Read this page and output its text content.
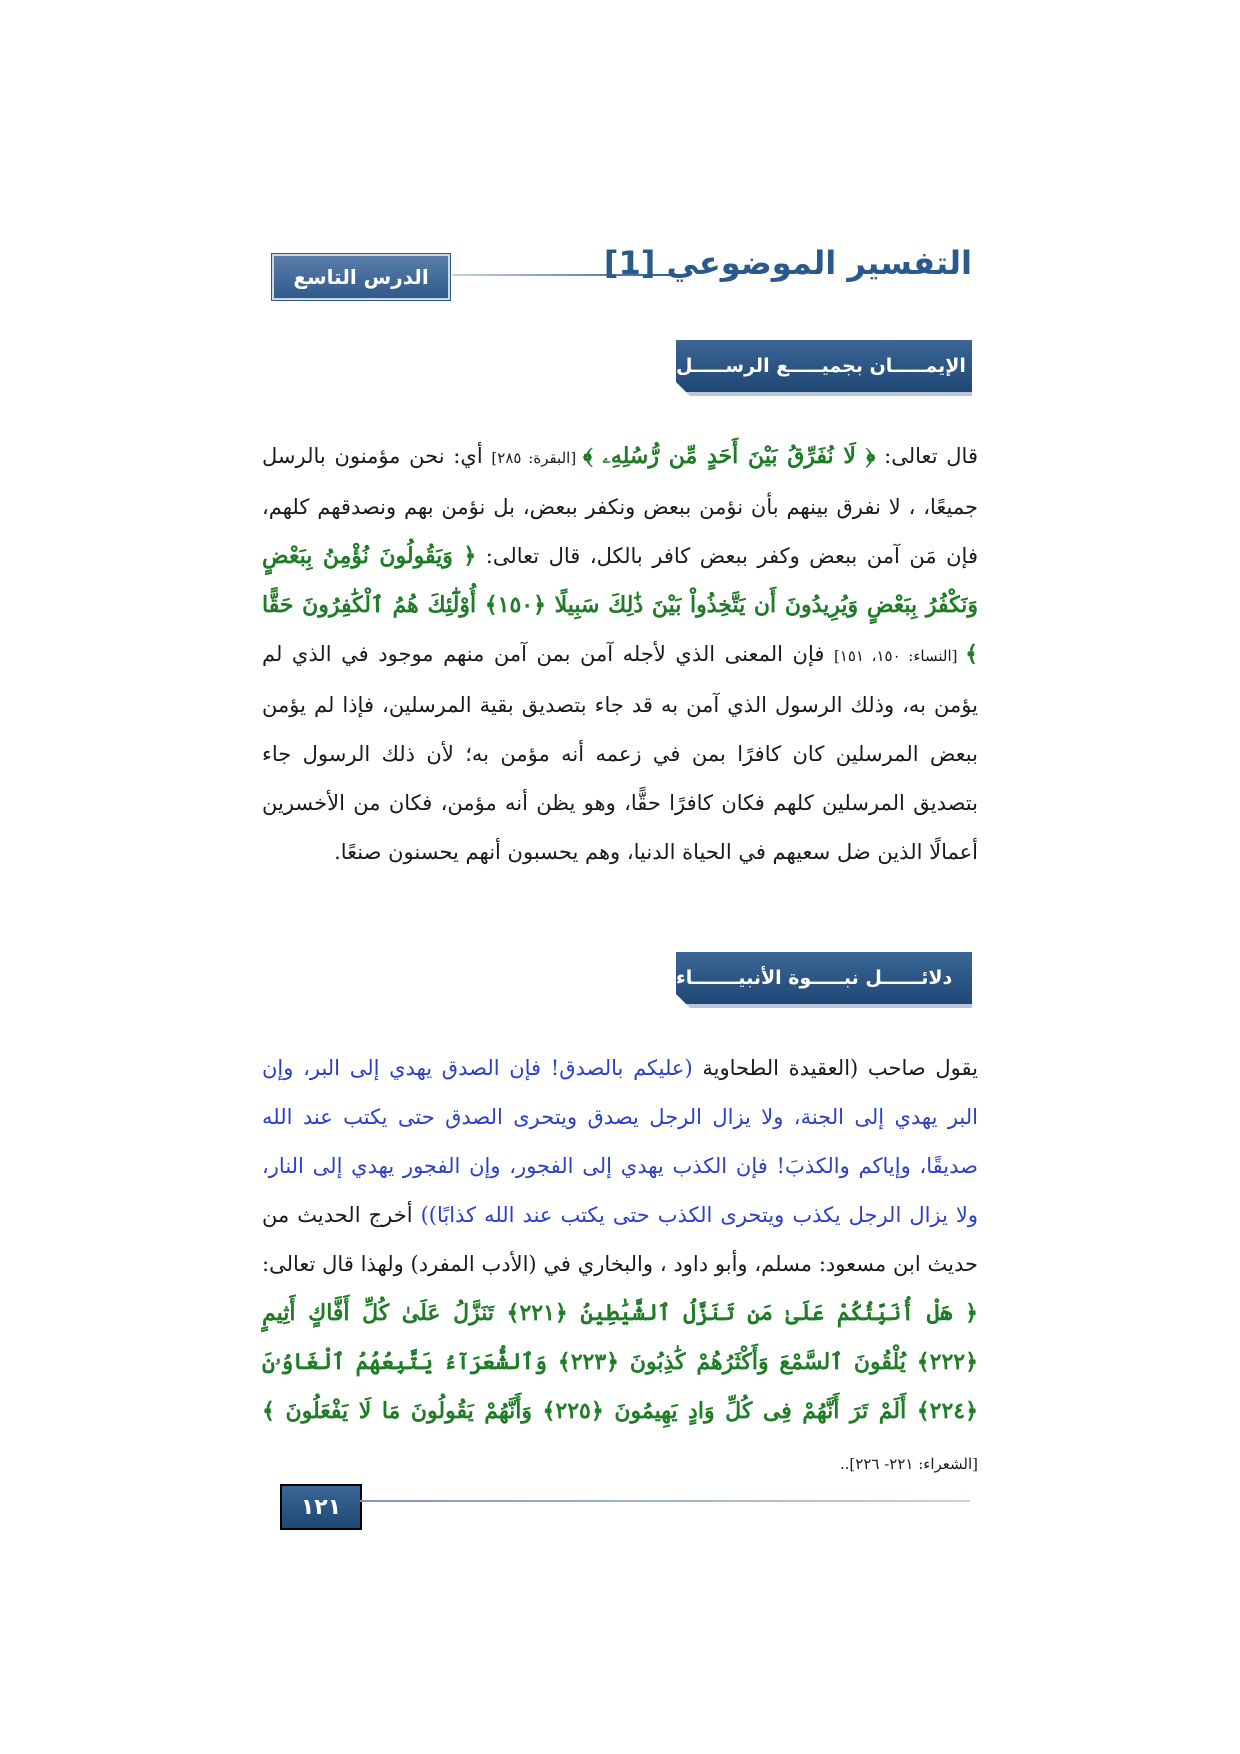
الدرس التاسع	التفسير الموضوعي [1]
الإيمـــــان بجميـــــع الرســـــل
قال تعالى: ﴿ لَا نُفَرِّقُ بَيْنَ أَحَدٍ مِّن رُّسُلِهِۦ ﴾ [البقرة: ٢٨٥] أي: نحن مؤمنون بالرسل جميعًا، ، لا نفرق بينهم بأن نؤمن ببعض ونكفر ببعض، بل نؤمن بهم ونصدقهم كلهم، فإن مَن آمن ببعض وكفر ببعض كافر بالكل، قال تعالى: ﴿ وَيَقُولُونَ نُؤْمِنُ بِبَعْضٍ وَنَكْفُرُ بِبَعْضٍ وَيُرِيدُونَ أَن يَتَّخِذُواْ بَيْنَ ذَٰلِكَ سَبِيلًا ﴿١٥٠﴾ أُوْلَٰٓئِكَ هُمُ ٱلْكَٰفِرُونَ حَقًّا ﴾ [النساء: ١٥٠، ١٥١] فإن المعنى الذي لأجله آمن بمن آمن منهم موجود في الذي لم يؤمن به، وذلك الرسول الذي آمن به قد جاء بتصديق بقية المرسلين، فإذا لم يؤمن ببعض المرسلين كان كافرًا بمن في زعمه أنه مؤمن به؛ لأن ذلك الرسول جاء بتصديق المرسلين كلهم فكان كافرًا حقًّا، وهو يظن أنه مؤمن، فكان من الأخسرين أعمالًا الذين ضل سعيهم في الحياة الدنيا، وهم يحسبون أنهم يحسنون صنعًا.
دلائــــــل نبـــــوة الأنبيـــــــاء
يقول صاحب (العقيدة الطحاوية (عليكم بالصدق! فإن الصدق يهدي إلى البر، وإن البر يهدي إلى الجنة، ولا يزال الرجل يصدق ويتحرى الصدق حتى يكتب عند الله صديقًا، وإياكم والكذبَ! فإن الكذب يهدي إلى الفجور، وإن الفجور يهدي إلى النار، ولا يزال الرجل يكذب ويتحرى الكذب حتى يكتب عند الله كذابًا)) أخرج الحديث من حديث ابن مسعود: مسلم، وأبو داود ، والبخاري في (الأدب المفرد) ولهذا قال تعالى: ﴿ هَلْ أُنَبِّئُكُمْ عَلَىٰ مَن تَنَزَّلُ ٱلشَّيَٰطِينُ ﴿٢٢١﴾ تَنَزَّلُ عَلَىٰ كُلِّ أَفَّاكٍ أَثِيمٍ ﴿٢٢٢﴾ يُلْقُونَ ٱلسَّمْعَ وَأَكْثَرُهُمْ كَٰذِبُونَ ﴿٢٢٣﴾ وَٱلشُّعَرَآءُ يَتَّبِعُهُمُ ٱلْغَاوُۥنَ ﴿٢٢٤﴾ أَلَمْ تَرَ أَنَّهُمْ فِى كُلِّ وَادٍ يَهِيمُونَ ﴿٢٢٥﴾ وَأَنَّهُمْ يَقُولُونَ مَا لَا يَفْعَلُونَ ﴾ [الشعراء: ٢٢١- ٢٢٦]..
١٢١
